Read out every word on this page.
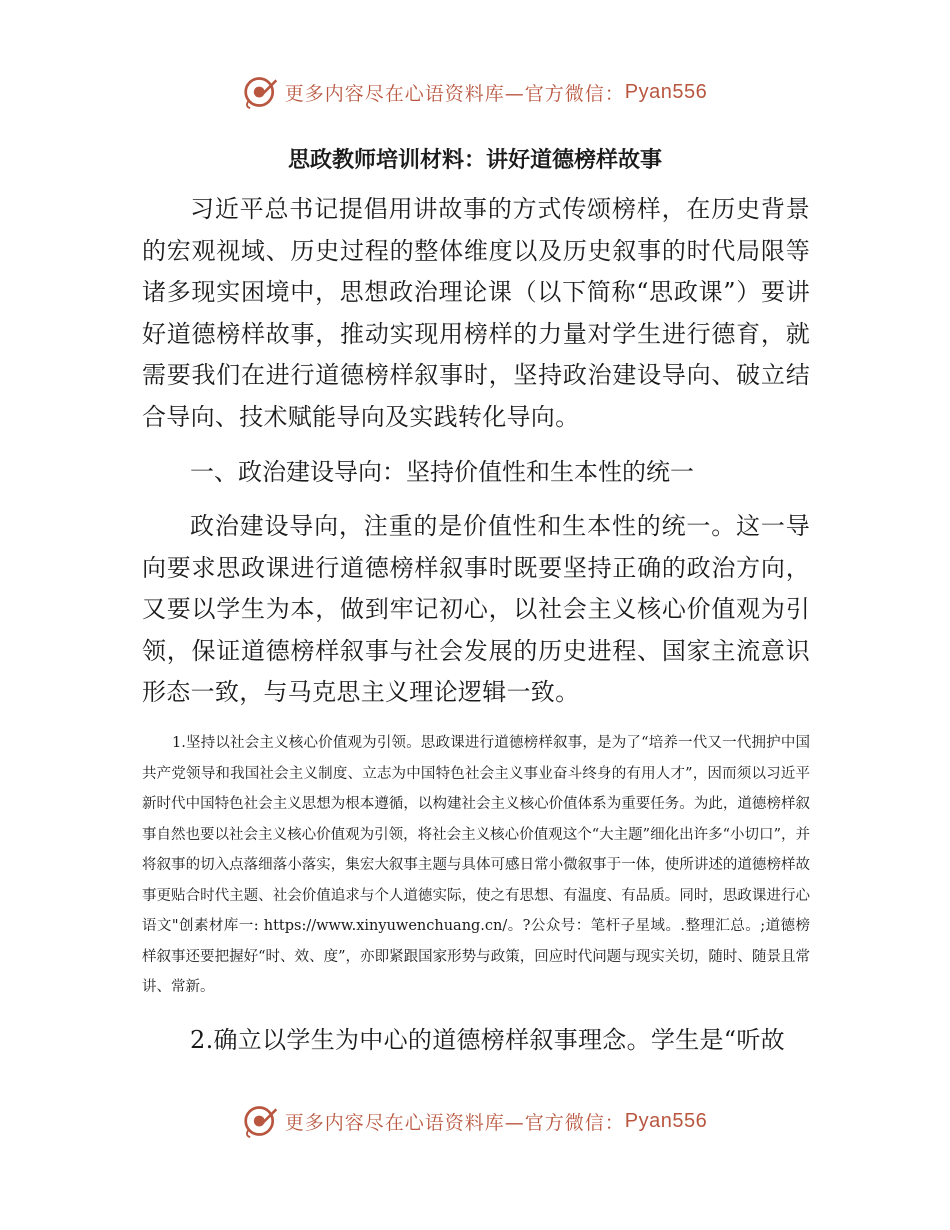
更多内容尽在心语资料库—官方微信： Pyan556
思政教师培训材料：讲好道德榜样故事

习近平总书记提倡用讲故事的方式传颂榜样，在历史背景的宏观视域、历史过程的整体维度以及历史叙事的时代局限等诸多现实困境中，思想政治理论课（以下简称“思政课”）要讲好道德榜样故事，推动实现用榜样的力量对学生进行德育，就需要我们在进行道德榜样叙事时，坚持政治建设导向、破立结合导向、技术赋能导向及实践转化导向。

一、政治建设导向：坚持价值性和生本性的统一

政治建设导向，注重的是价值性和生本性的统一。这一导向要求思政课进行道德榜样叙事时既要坚持正确的政治方向，又要以学生为本，做到牢记初心，以社会主义核心价值观为引领，保证道德榜样叙事与社会发展的历史进程、国家主流意识形态一致，与马克思主义理论逻辑一致。

1.坚持以社会主义核心价值观为引领。思政课进行道德榜样叙事，是为了“培养一代又一代拥护中国共产党领导和我国社会主义制度、立志为中国特色社会主义事业奋斗终身的有用人才”，因而须以习近平新时代中国特色社会主义思想为根本遵循，以构建社会主义核心价值体系为重要任务。为此，道德榜样叙事自然也要以社会主义核心价值观为引领，将社会主义核心价值观这个“大主题”细化出许多“小切口”，并将叙事的切入点落细落小落实，集宏大叙事主题与具体可感日常小微叙事于一体，使所讲述的道德榜样故事更贴合时代主题、社会价值追求与个人道德实际，使之有思想、有温度、有品质。同时，思政课进行心语文"创素材库一: https://www.xinyuwenchuang.cn/。?公众号：笔杆子星域。.整理汇总。;道德榜样叙事还要把握好“时、效、度”，亦即紧跟国家形势与政策，回应时代问题与现实关切，随时、随景且常讲、常新。

2.确立以学生为中心的道德榜样叙事理念。学生是“听故

更多内容尽在心语资料库—官方微信： Pyan556
